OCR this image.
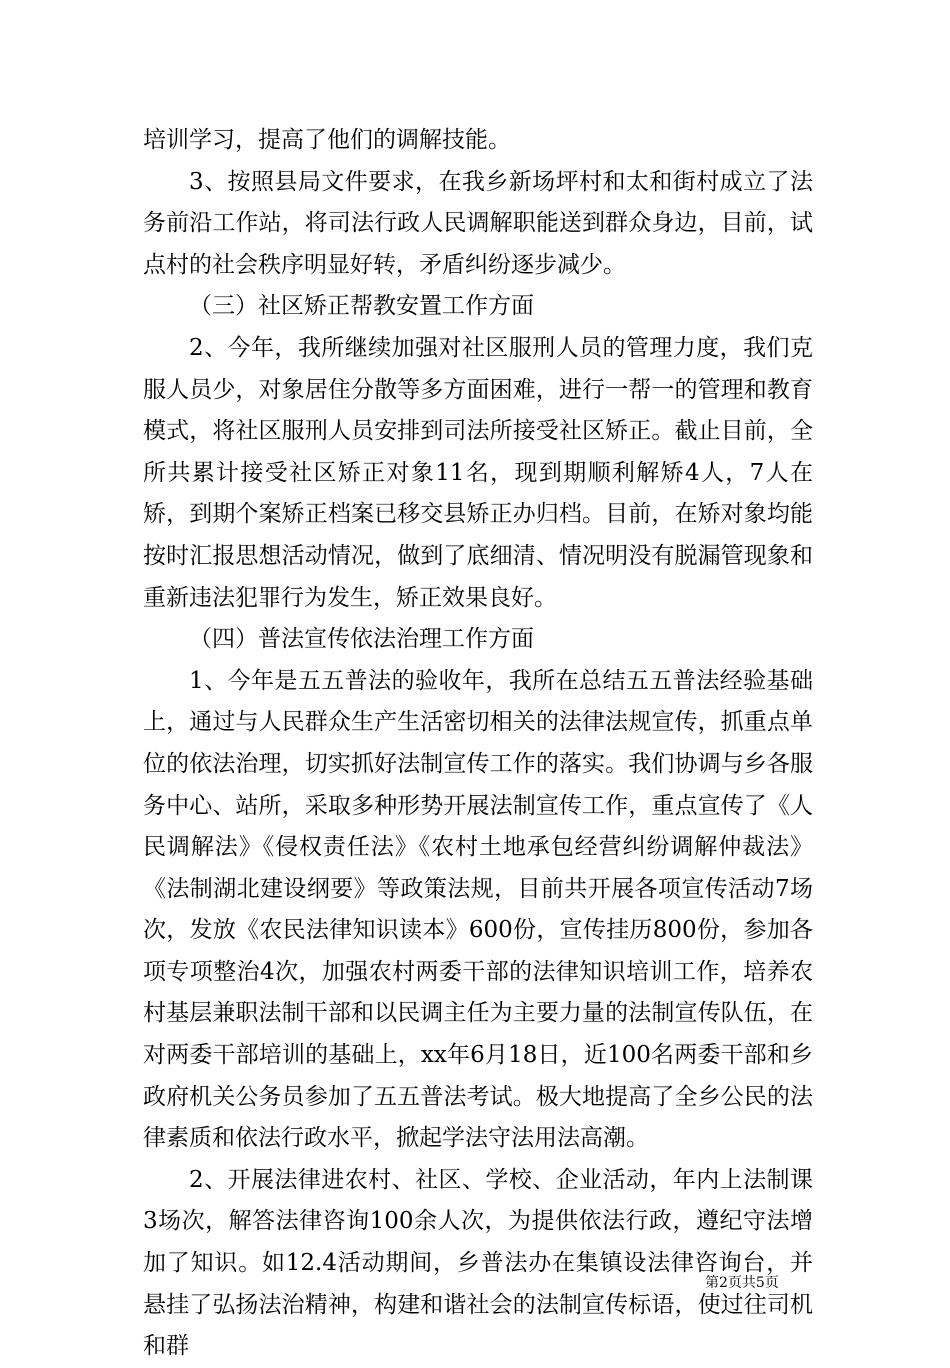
培训学习，提高了他们的调解技能。

3、按照县局文件要求，在我乡新场坪村和太和街村成立了法务前沿工作站，将司法行政人民调解职能送到群众身边，目前，试点村的社会秩序明显好转，矛盾纠纷逐步减少。

（三）社区矫正帮教安置工作方面

2、今年，我所继续加强对社区服刑人员的管理力度，我们克服人员少，对象居住分散等多方面困难，进行一帮一的管理和教育模式，将社区服刑人员安排到司法所接受社区矫正。截止目前，全所共累计接受社区矫正对象11名，现到期顺利解矫4人，7人在矫，到期个案矫正档案已移交县矫正办归档。目前，在矫对象均能按时汇报思想活动情况，做到了底细清、情况明没有脱漏管现象和重新违法犯罪行为发生，矫正效果良好。

（四）普法宣传依法治理工作方面

1、今年是五五普法的验收年，我所在总结五五普法经验基础上，通过与人民群众生产生活密切相关的法律法规宣传，抓重点单位的依法治理，切实抓好法制宣传工作的落实。我们协调与乡各服务中心、站所，采取多种形势开展法制宣传工作，重点宣传了《人民调解法》《侵权责任法》《农村土地承包经营纠纷调解仲裁法》《法制湖北建设纲要》等政策法规，目前共开展各项宣传活动7场次，发放《农民法律知识读本》600份，宣传挂历800份，参加各项专项整治4次，加强农村两委干部的法律知识培训工作，培养农村基层兼职法制干部和以民调主任为主要力量的法制宣传队伍，在对两委干部培训的基础上，xx年6月18日，近100名两委干部和乡政府机关公务员参加了五五普法考试。极大地提高了全乡公民的法律素质和依法行政水平，掀起学法守法用法高潮。

2、开展法律进农村、社区、学校、企业活动，年内上法制课3场次，解答法律咨询100余人次，为提供依法行政，遵纪守法增加了知识。如12.4活动期间，乡普法办在集镇设法律咨询台，并悬挂了弘扬法治精神，构建和谐社会的法制宣传标语，使过往司机和群

第2页共5页
